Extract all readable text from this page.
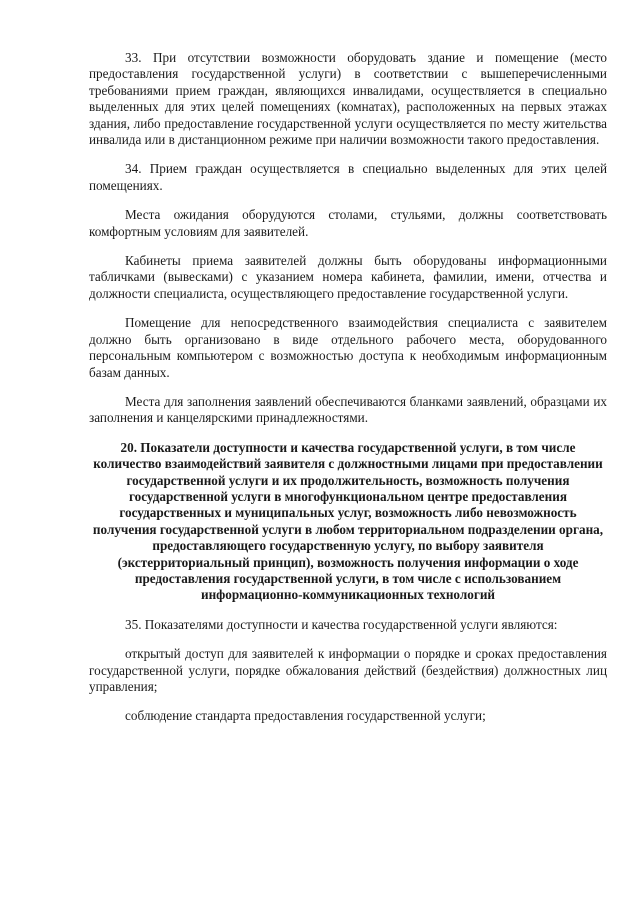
33. При отсутствии возможности оборудовать здание и помещение (место предоставления государственной услуги) в соответствии с вышеперечисленными требованиями прием граждан, являющихся инвалидами, осуществляется в специально выделенных для этих целей помещениях (комнатах), расположенных на первых этажах здания, либо предоставление государственной услуги осуществляется по месту жительства инвалида или в дистанционном режиме при наличии возможности такого предоставления.

34. Прием граждан осуществляется в специально выделенных для этих целей помещениях.

Места ожидания оборудуются столами, стульями, должны соответствовать комфортным условиям для заявителей.

Кабинеты приема заявителей должны быть оборудованы информационными табличками (вывесками) с указанием номера кабинета, фамилии, имени, отчества и должности специалиста, осуществляющего предоставление государственной услуги.

Помещение для непосредственного взаимодействия специалиста с заявителем должно быть организовано в виде отдельного рабочего места, оборудованного персональным компьютером с возможностью доступа к необходимым информационным базам данных.

Места для заполнения заявлений обеспечиваются бланками заявлений, образцами их заполнения и канцелярскими принадлежностями.

20. Показатели доступности и качества государственной услуги, в том числе количество взаимодействий заявителя с должностными лицами при предоставлении государственной услуги и их продолжительность, возможность получения государственной услуги в многофункциональном центре предоставления государственных и муниципальных услуг, возможность либо невозможность получения государственной услуги в любом территориальном подразделении органа, предоставляющего государственную услугу, по выбору заявителя (экстерриториальный принцип), возможность получения информации о ходе предоставления государственной услуги, в том числе с использованием информационно-коммуникационных технологий

35. Показателями доступности и качества государственной услуги являются:

открытый доступ для заявителей к информации о порядке и сроках предоставления государственной услуги, порядке обжалования действий (бездействия) должностных лиц управления;

соблюдение стандарта предоставления государственной услуги;
